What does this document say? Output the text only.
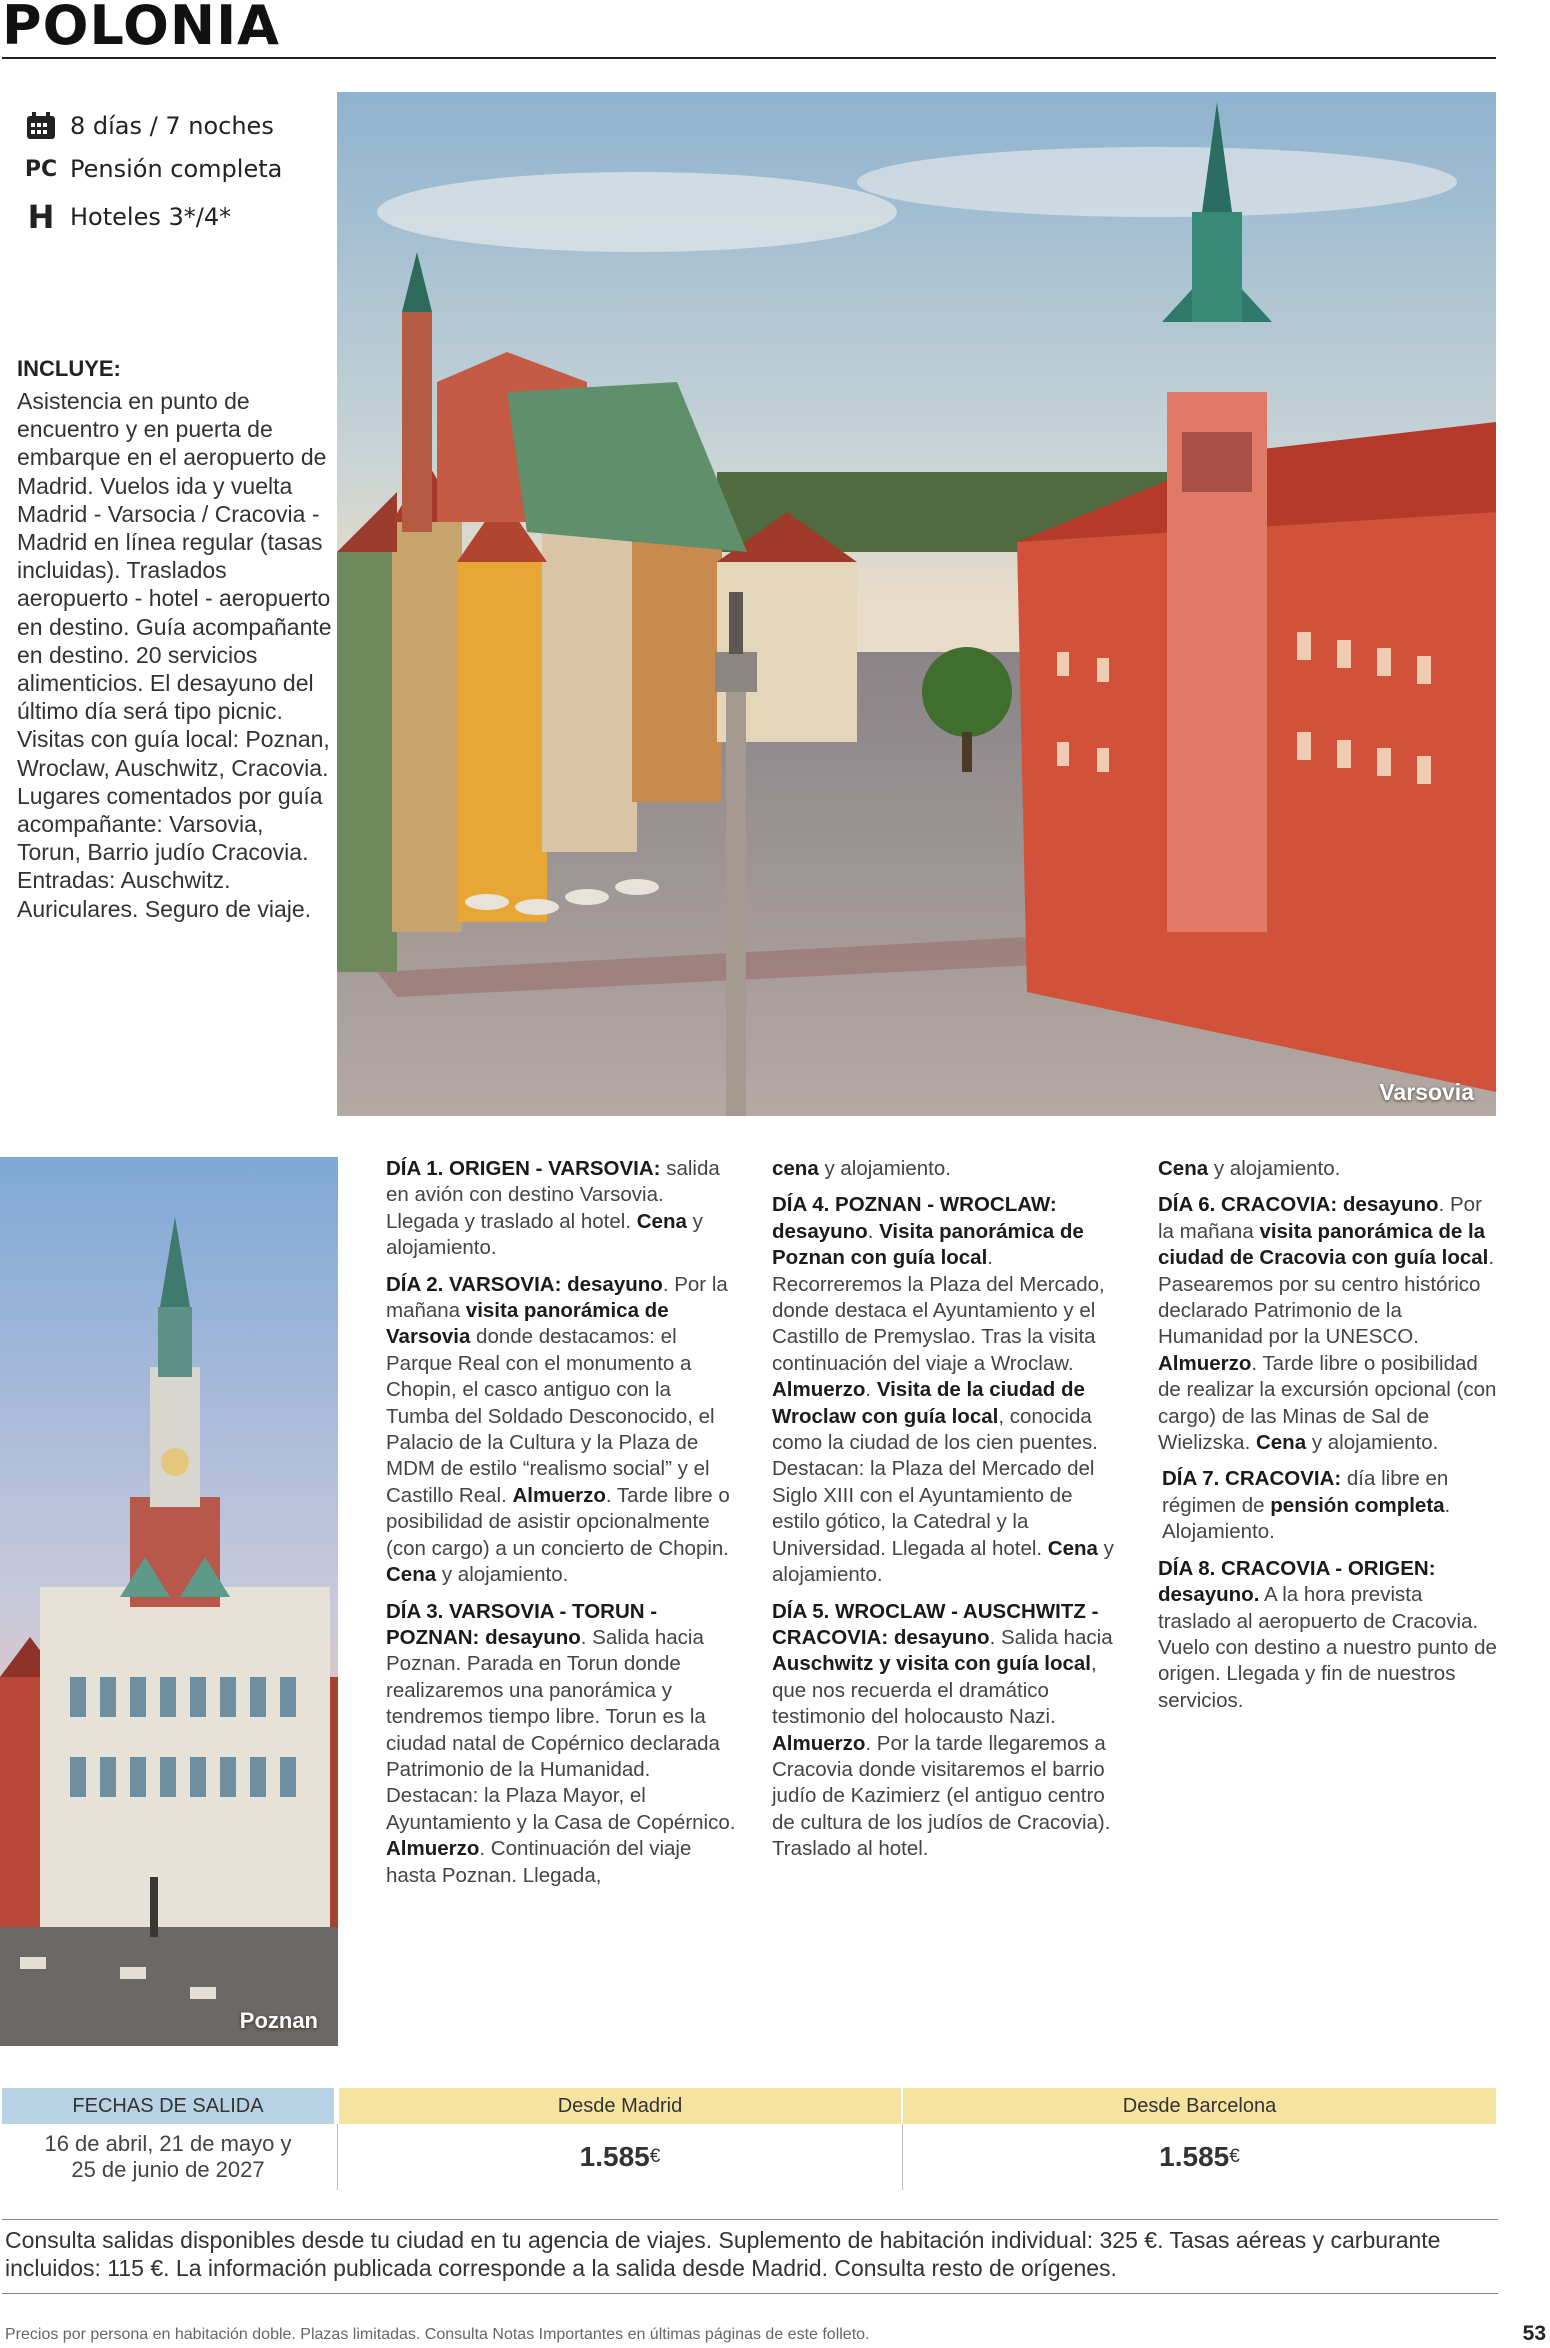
POLONIA
Varsovia
8 días / 7 noches
PC Pensión completa
H Hoteles 3*/4*
INCLUYE:
Asistencia en punto de encuentro y en puerta de embarque en el aeropuerto de Madrid. Vuelos ida y vuelta Madrid - Varsocia / Cracovia - Madrid en línea regular (tasas incluidas). Traslados aeropuerto - hotel - aeropuerto en destino. Guía acompañante en destino. 20 servicios alimenticios. El desayuno del último día será tipo picnic. Visitas con guía local: Poznan, Wroclaw, Auschwitz, Cracovia. Lugares comentados por guía acompañante: Varsovia, Torun, Barrio judío Cracovia. Entradas: Auschwitz. Auriculares. Seguro de viaje.
Poznan

DÍA 1. ORIGEN - VARSOVIA: salida en avión con destino Varsovia. Llegada y traslado al hotel. Cena y alojamiento.

DÍA 2. VARSOVIA: desayuno. Por la mañana visita panorámica de Varsovia donde destacamos: el Parque Real con el monumento a Chopin, el casco antiguo con la Tumba del Soldado Desconocido, el Palacio de la Cultura y la Plaza de MDM de estilo “realismo social” y el Castillo Real. Almuerzo. Tarde libre o posibilidad de asistir opcionalmente (con cargo) a un concierto de Chopin. Cena y alojamiento.

DÍA 3. VARSOVIA - TORUN - POZNAN: desayuno. Salida hacia Poznan. Parada en Torun donde realizaremos una panorámica y tendremos tiempo libre. Torun es la ciudad natal de Copérnico declarada Patrimonio de la Humanidad. Destacan: la Plaza Mayor, el Ayuntamiento y la Casa de Copérnico. Almuerzo. Continuación del viaje hasta Poznan. Llegada,

cena y alojamiento.

DÍA 4. POZNAN - WROCLAW: desayuno. Visita panorámica de Poznan con guía local. Recorreremos la Plaza del Mercado, donde destaca el Ayuntamiento y el Castillo de Premyslao. Tras la visita continuación del viaje a Wroclaw. Almuerzo. Visita de la ciudad de Wroclaw con guía local, conocida como la ciudad de los cien puentes. Destacan: la Plaza del Mercado del Siglo XIII con el Ayuntamiento de estilo gótico, la Catedral y la Universidad. Llegada al hotel. Cena y alojamiento.

DÍA 5. WROCLAW - AUSCHWITZ - CRACOVIA: desayuno. Salida hacia Auschwitz y visita con guía local, que nos recuerda el dramático testimonio del holocausto Nazi. Almuerzo. Por la tarde llegaremos a Cracovia donde visitaremos el barrio judío de Kazimierz (el antiguo centro de cultura de los judíos de Cracovia). Traslado al hotel.

Cena y alojamiento.

DÍA 6. CRACOVIA: desayuno. Por la mañana visita panorámica de la ciudad de Cracovia con guía local. Pasearemos por su centro histórico declarado Patrimonio de la Humanidad por la UNESCO. Almuerzo. Tarde libre o posibilidad de realizar la excursión opcional (con cargo) de las Minas de Sal de Wielizska. Cena y alojamiento.

DÍA 7. CRACOVIA: día libre en régimen de pensión completa. Alojamiento.

DÍA 8. CRACOVIA - ORIGEN: desayuno. A la hora prevista traslado al aeropuerto de Cracovia. Vuelo con destino a nuestro punto de origen. Llegada y fin de nuestros servicios.

FECHAS DE SALIDA	Desde Madrid	Desde Barcelona
16 de abril, 21 de mayo y 25 de junio de 2027	1.585 €	1.585 €
Consulta salidas disponibles desde tu ciudad en tu agencia de viajes. Suplemento de habitación individual: 325 €. Tasas aéreas y carburante incluidos: 115 €. La información publicada corresponde a la salida desde Madrid. Consulta resto de orígenes.
Precios por persona en habitación doble. Plazas limitadas. Consulta Notas Importantes en últimas páginas de este folleto.	53
